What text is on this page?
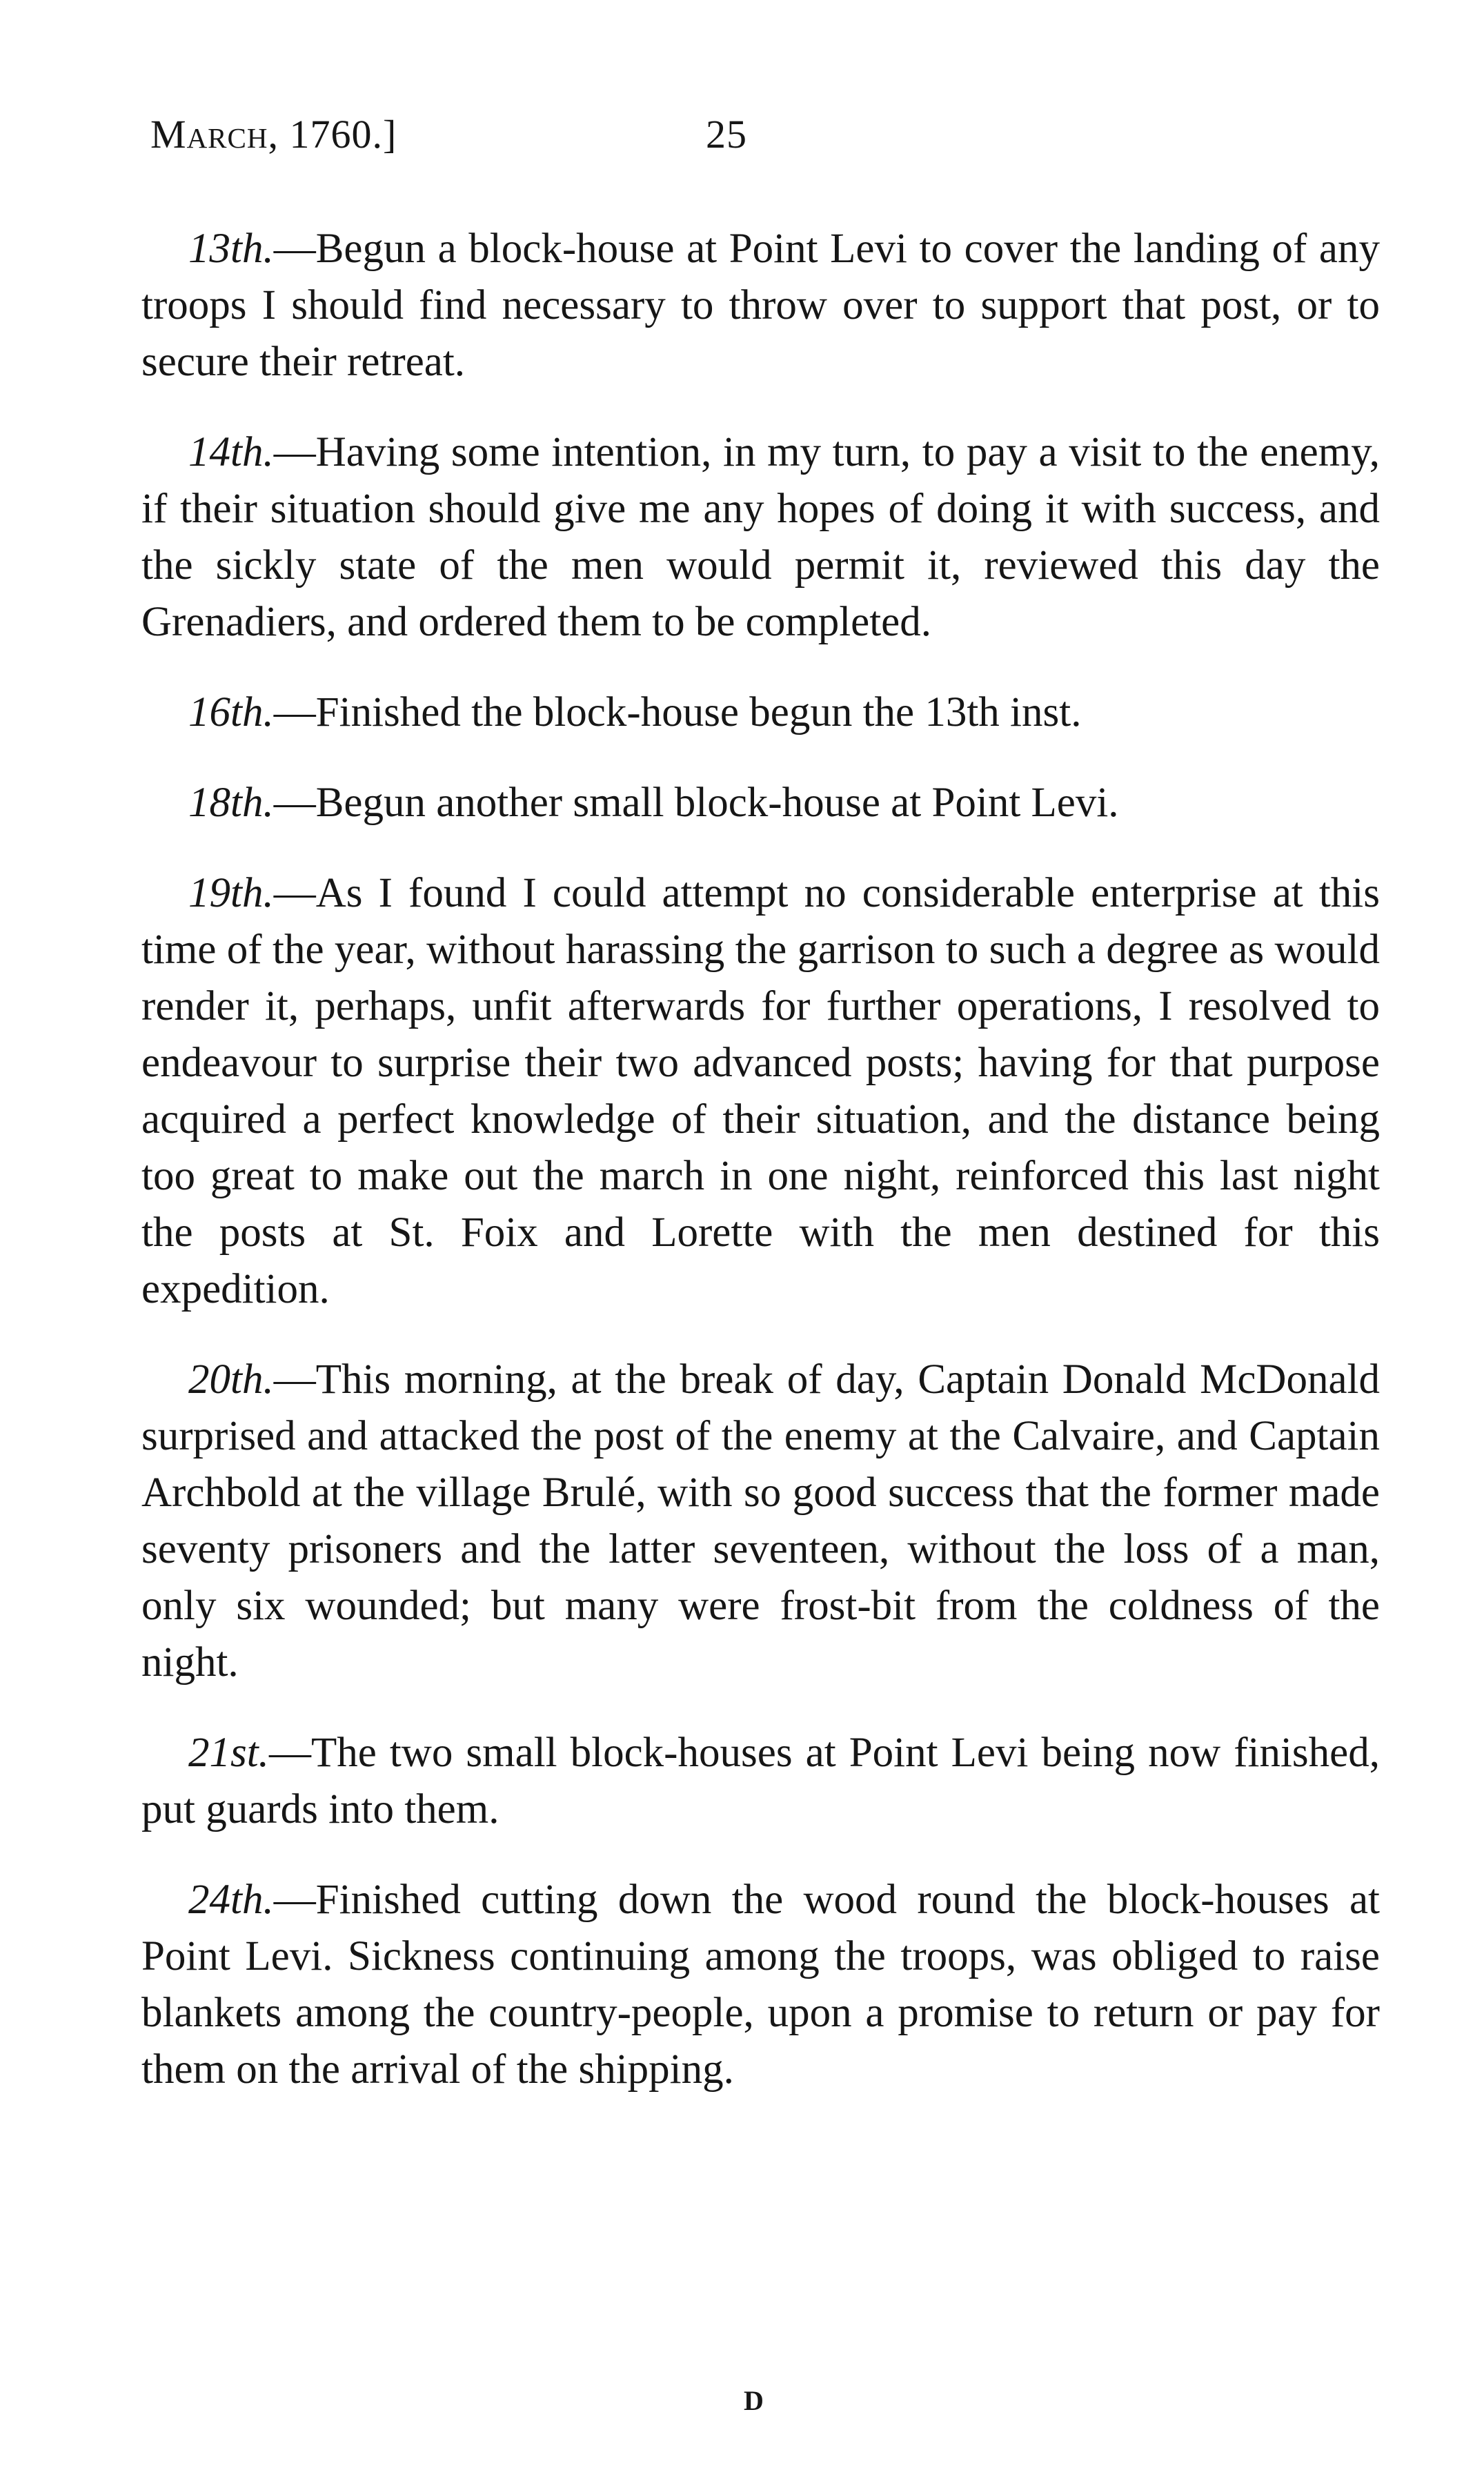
March, 1760.]	25

13th.—Begun a block-house at Point Levi to cover the landing of any troops I should find necessary to throw over to support that post, or to secure their retreat.

14th.—Having some intention, in my turn, to pay a visit to the enemy, if their situation should give me any hopes of doing it with success, and the sickly state of the men would permit it, reviewed this day the Grenadiers, and ordered them to be completed.

16th.—Finished the block-house begun the 13th inst.

18th.—Begun another small block-house at Point Levi.

19th.—As I found I could attempt no considerable enterprise at this time of the year, without harassing the garrison to such a degree as would render it, perhaps, unfit afterwards for further operations, I resolved to endeavour to surprise their two advanced posts; having for that purpose acquired a perfect knowledge of their situation, and the distance being too great to make out the march in one night, reinforced this last night the posts at St. Foix and Lorette with the men destined for this expedition.

20th.—This morning, at the break of day, Captain Donald McDonald surprised and attacked the post of the enemy at the Calvaire, and Captain Archbold at the village Brulé, with so good success that the former made seventy prisoners and the latter seventeen, without the loss of a man, only six wounded; but many were frost-bit from the coldness of the night.

21st.—The two small block-houses at Point Levi being now finished, put guards into them.

24th.—Finished cutting down the wood round the block-houses at Point Levi. Sickness continuing among the troops, was obliged to raise blankets among the country-people, upon a promise to return or pay for them on the arrival of the shipping.

D
